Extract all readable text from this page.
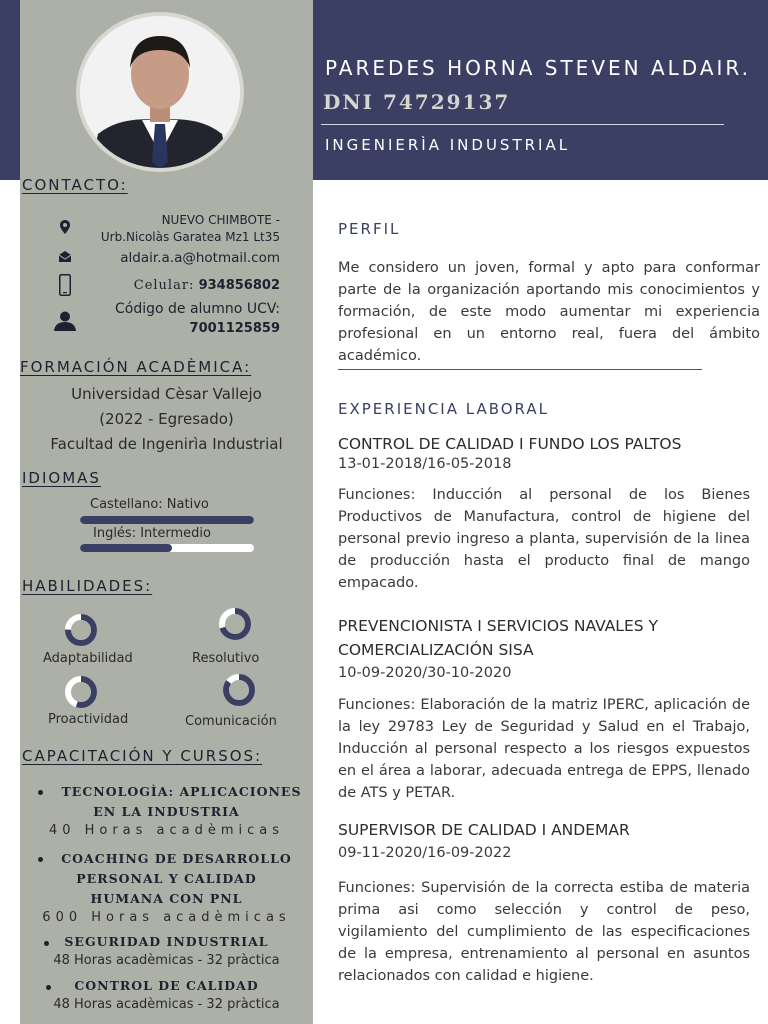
PAREDES HORNA STEVEN ALDAIR.
DNI 74729137
INGENIERÌA INDUSTRIAL
CONTACTO:
NUEVO CHIMBOTE -
Urb.Nicolàs Garatea Mz1 Lt35
aldair.a.a@hotmail.com
Celular: 934856802
Código de alumno UCV:
7001125859
FORMACIÓN ACADÈMICA:
Universidad Cèsar Vallejo
(2022 - Egresado)
Facultad de Ingenirìa Industrial
IDIOMAS
Castellano: Nativo
Inglés: Intermedio
HABILIDADES:
Adaptabilidad	Resolutivo
Proactividad	Comunicación
CAPACITACIÓN Y CURSOS:
TECNOLOGÌA: APLICACIONES
EN LA INDUSTRIA
40 Horas acadèmicas
COACHING DE DESARROLLO
PERSONAL Y CALIDAD
HUMANA CON PNL
600 Horas acadèmicas
SEGURIDAD INDUSTRIAL
48 Horas acadèmicas - 32 pràctica
CONTROL DE CALIDAD
48 Horas acadèmicas - 32 pràctica
PERFIL
Me considero un joven, formal y apto para conformar parte de la organización aportando mis conocimientos y formación, de este modo aumentar mi experiencia profesional en un entorno real, fuera del ámbito académico.
EXPERIENCIA LABORAL
CONTROL DE CALIDAD I FUNDO LOS PALTOS
13-01-2018/16-05-2018
Funciones: Inducción al personal de los Bienes Productivos de Manufactura, control de higiene del personal previo ingreso a planta, supervisión de la linea de producción hasta el producto final de mango empacado.
PREVENCIONISTA I SERVICIOS NAVALES Y COMERCIALIZACIÓN SISA
10-09-2020/30-10-2020
Funciones: Elaboración de la matriz IPERC, aplicación de la ley 29783 Ley de Seguridad y Salud en el Trabajo, Inducción al personal respecto a los riesgos expuestos en el área a laborar, adecuada entrega de EPPS, llenado de ATS y PETAR.
SUPERVISOR DE CALIDAD I ANDEMAR
09-11-2020/16-09-2022
Funciones: Supervisión de la correcta estiba de materia prima asi como selección y control de peso, vigilamiento del cumplimiento de las especificaciones de la empresa, entrenamiento al personal en asuntos relacionados con calidad e higiene.
